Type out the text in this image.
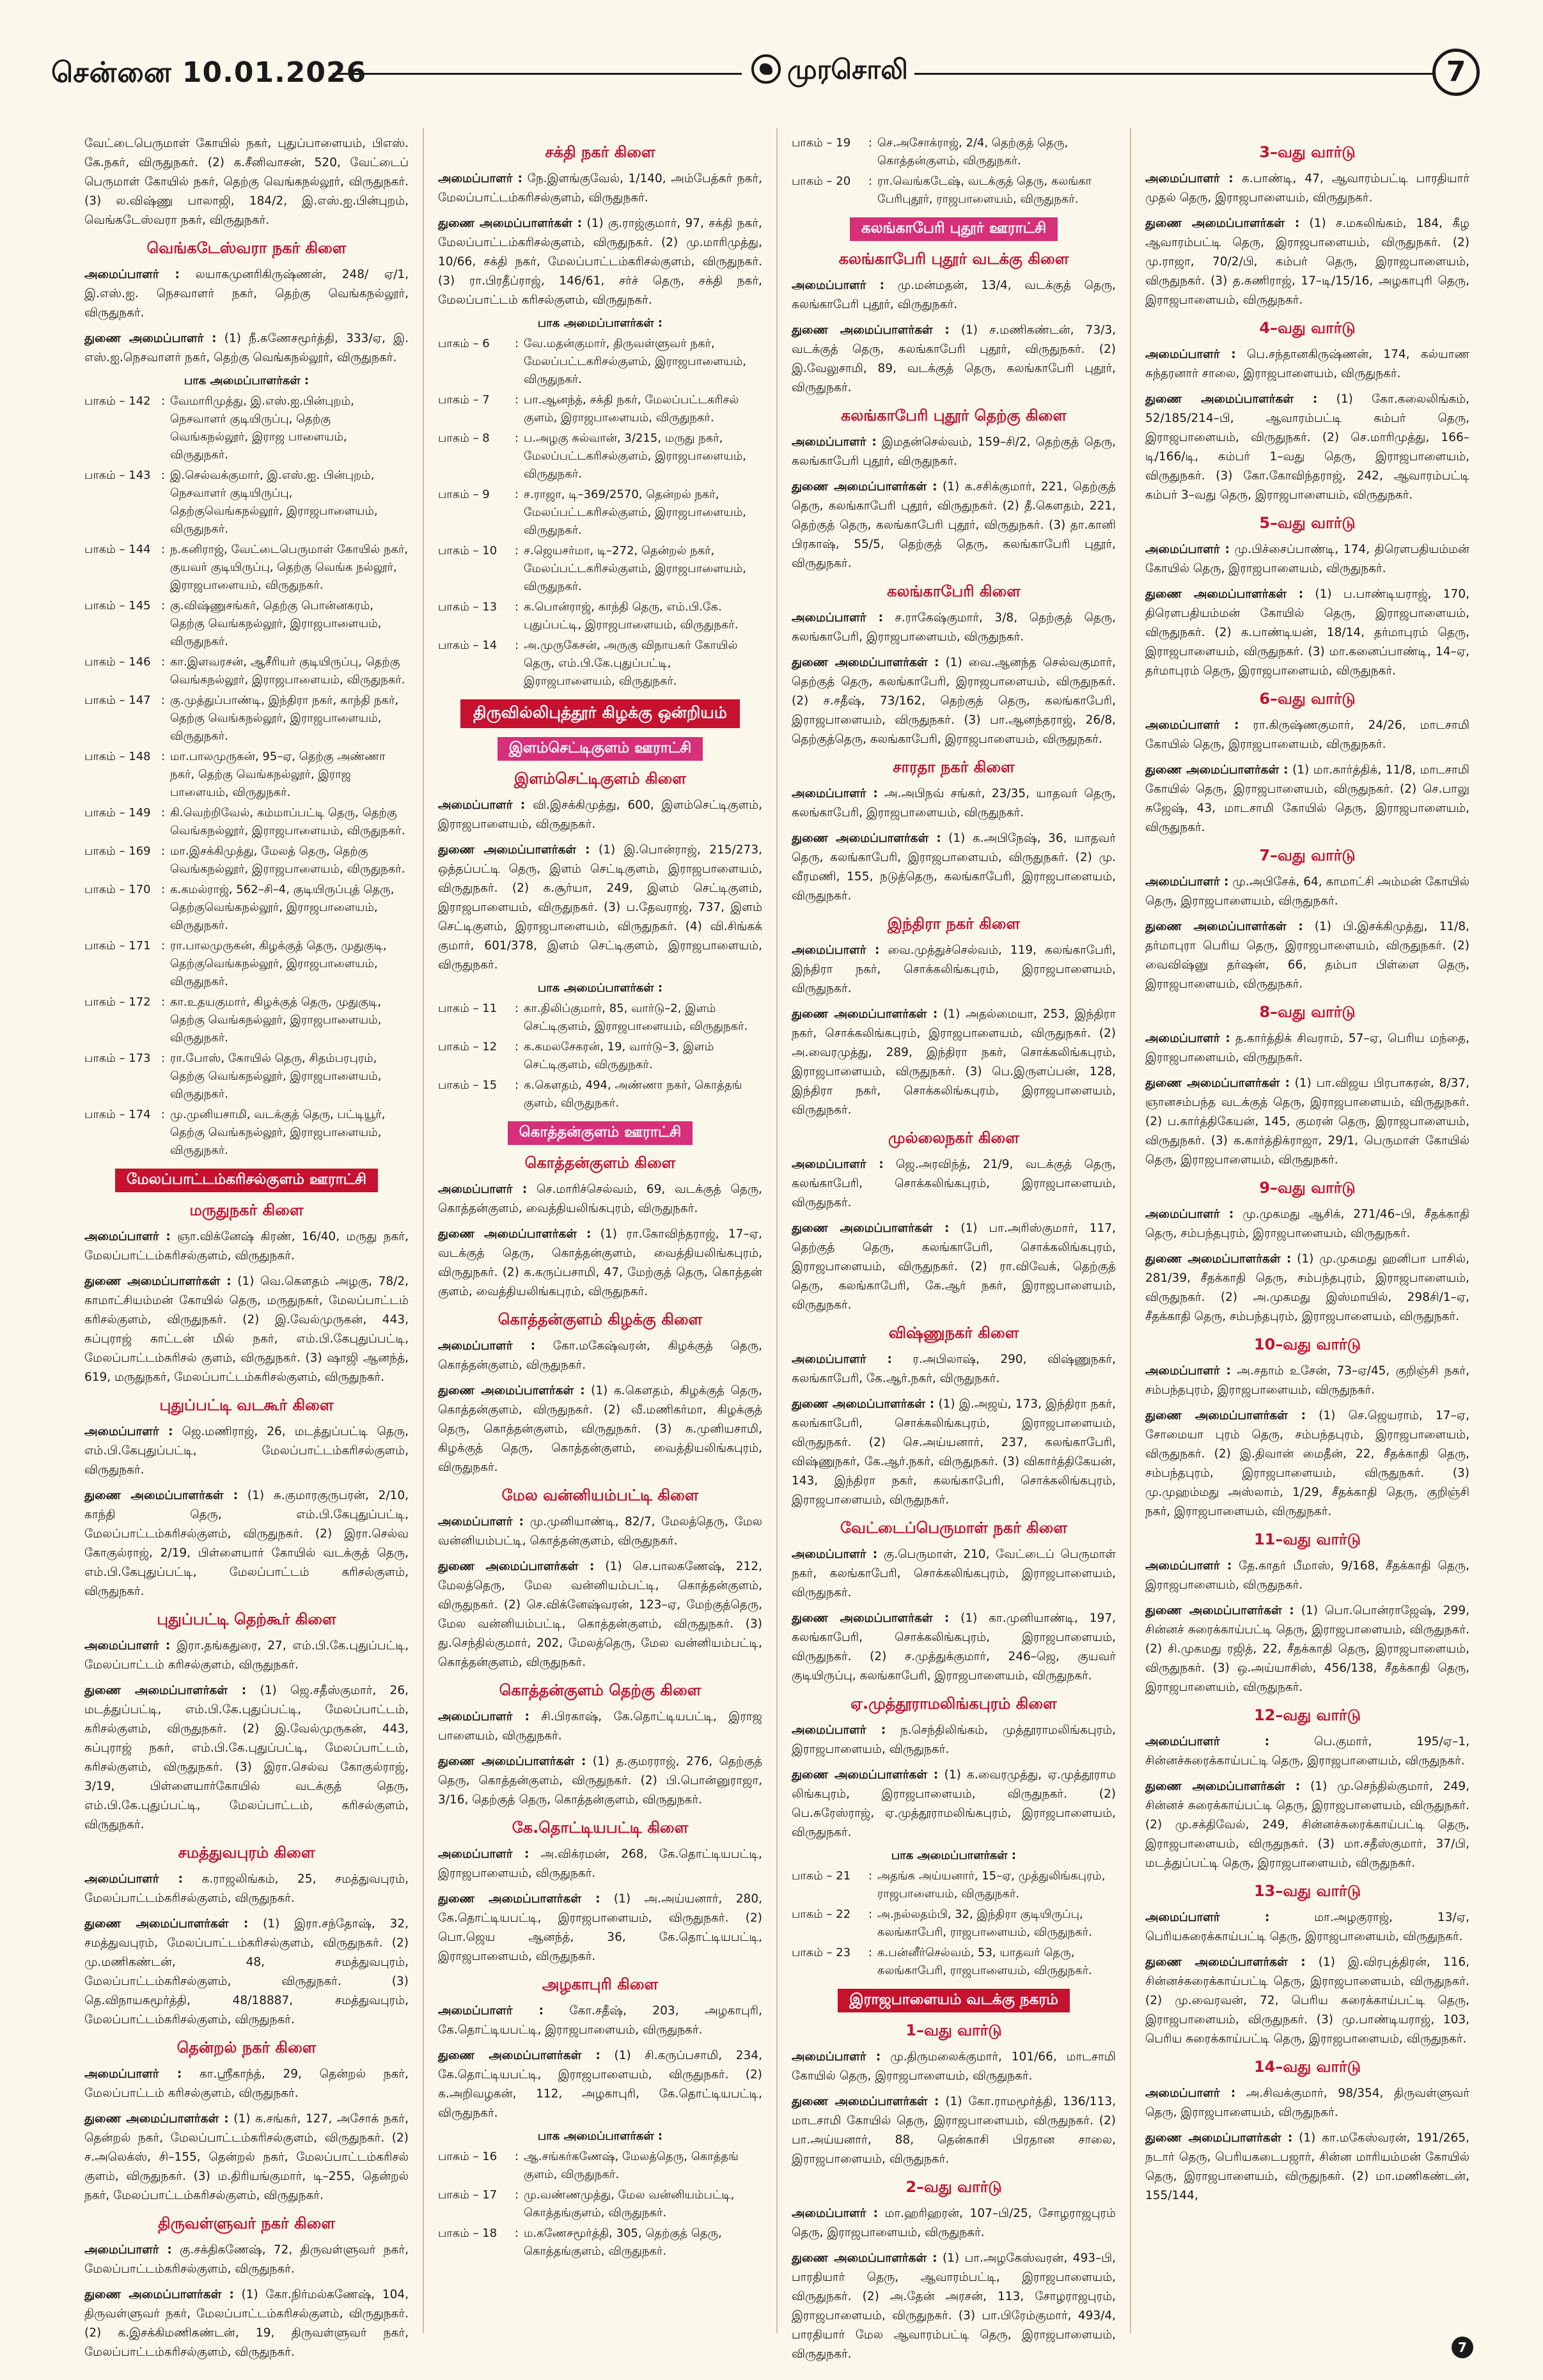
சென்னை 10.01.2026	முரசொலி	7

வேட்டைபெருமாள் கோயில் நகர், புதுப்பாளையம், பிஎஸ். கே.நகர், விருதுநகர். (2) க.சீனிவாசன், 520, வேட்டைப் பெருமாள் கோயில் நகர், தெற்கு வெங்கநல்லூர், விருதுநகர். (3) ல.விஷ்ணு பாலாஜி, 184/2, இ.எஸ்.ஐ.பின்புறம், வெங்கடேஸ்வரா நகர், விருதுநகர்.

வெங்கடேஸ்வரா நகர் கிளை

அமைப்பாளர் : லயாகமுனரிகிருஷ்ணன், 248/ ஏ/1, இ.எஸ்.ஐ. நெசவாளர் நகர், தெற்கு வெங்கநல்லூர், விருதுநகர்.

துணை அமைப்பாளர் : (1) நீ.கணேசமூர்த்தி, 333/ஏ, இ. எஸ்.ஐ.நெசவாளர் நகர், தெற்கு வெங்கநல்லூர், விருதுநகர்.

பாக அமைப்பாளர்கள் :
பாகம் – 142 : வேமாரிமுத்து, இ.எஸ்.ஐ.பின்புறம், நெசவாளர் குடியிருப்பு, தெற்கு வெங்கநல்லூர், இராஜ பாளையம், விருதுநகர்.
பாகம் – 143 : இ.செல்வக்குமார், இ.எஸ்.ஐ. பின்புறம், நெசவாளர் குடியிருப்பு, தெற்குவெங்கநல்லூர், இராஜபாளையம், விருதுநகர்.
பாகம் – 144 : ந.கனிராஜ், வேட்டைபெருமாள் கோயில் நகர், குயவர் குடியிருப்பு, தெற்கு வெங்க நல்லூர், இராஜபாளையம், விருதுநகர்.
பாகம் – 145 : கு.விஷ்ணுசங்கர், தெற்கு பொன்னகரம், தெற்கு வெங்கநல்லூர், இராஜபாளையம், விருதுநகர்.
பாகம் – 146 : கா.இளவரசன், ஆசீரியர் குடியிருப்பு, தெற்கு வெங்கநல்லூர், இராஜபாளையம், விருதுநகர்.
பாகம் – 147 : கு.முத்துப்பாண்டி, இந்திரா நகர், காந்தி நகர், தெற்கு வெங்கநல்லூர், இராஜபாளையம், விருதுநகர்.
பாகம் – 148 : மா.பாலமுருகன், 95–ஏ, தெற்கு அண்ணா நகர், தெற்கு வெங்கநல்லூர், இராஜ பாளையம், விருதுநகர்.
பாகம் – 149 : கி.வெற்றிவேல், கம்மாப்பட்டி தெரு, தெற்கு வெங்கநல்லூர், இராஜபாளையம், விருதுநகர்.
பாகம் – 169 : மா.இசக்கிமுத்து, மேலத் தெரு, தெற்கு வெங்கநல்லூர், இராஜபாளையம், விருதுநகர்.
பாகம் – 170 : க.கமல்ராஜ், 562–சி–4, குடியிருப்புத் தெரு, தெற்குவெங்கநல்லூர், இராஜபாளையம், விருதுநகர்.
பாகம் – 171 : ரா.பாலமுருகன், கிழக்குத் தெரு, முதுகுடி, தெற்குவெங்கநல்லூர், இராஜபாளையம், விருதுநகர்.
பாகம் – 172 : கா.உதயகுமார், கிழக்குத் தெரு, முதுகுடி, தெற்கு வெங்கநல்லூர், இராஜபாளையம், விருதுநகர்.
பாகம் – 173 : ரா.போஸ், கோயில் தெரு, சிதம்பரபுரம், தெற்கு வெங்கநல்லூர், இராஜபாளையம், விருதுநகர்.
பாகம் – 174 : மு.முனியசாமி, வடக்குத் தெரு, பட்டியூர், தெற்கு வெங்கநல்லூர், இராஜபாளையம், விருதுநகர்.
மேலப்பாட்டம்கரிசல்குளம் ஊராட்சி
மருதுநகர் கிளை

அமைப்பாளர் : ஞா.விக்னேஷ் கிரண், 16/40, மருது நகர், மேலப்பாட்டம்கரிசல்குளம், விருதுநகர்.

துணை அமைப்பாளர்கள் : (1) வெ.கௌதம் அழகு, 78/2, காமாட்சியம்மன் கோயில் தெரு, மருதுநகர், மேலப்பாட்டம் கரிசல்குளம், விருதுநகர். (2) இ.வேல்முருகன், 443, கப்புராஜ் காட்டன் மில் நகர், எம்.பி.கேபுதுப்பட்டி, மேலப்பாட்டம்கரிசல் குளம், விருதுநகர். (3) ஷாஜி ஆனந்த், 619, மருதுநகர், மேலப்பாட்டம்கரிசல்குளம், விருதுநகர்.

புதுப்பட்டி வடகூர் கிளை

அமைப்பாளர் : ஜெ.மணிராஜ், 26, மடத்துப்பட்டி தெரு, எம்.பி.கேபுதுப்பட்டி, மேலப்பாட்டம்கரிசல்குளம், விருதுநகர்.

துணை அமைப்பாளர்கள் : (1) சு.குமாரகுருபரன், 2/10, காந்தி தெரு, எம்.பி.கேபுதுப்பட்டி, மேலப்பாட்டம்கரிசல்குளம், விருதுநகர். (2) இரா.செல்வ கோகுல்ராஜ், 2/19, பிள்ளையார் கோயில் வடக்குத் தெரு, எம்.பி.கேபுதுப்பட்டி, மேலப்பாட்டம் கரிசல்குளம், விருதுநகர்.

புதுப்பட்டி தெற்கூர் கிளை

அமைப்பாளர் : இரா.தங்கதுரை, 27, எம்.பி.கே.புதுப்பட்டி, மேலப்பாட்டம் கரிசல்குளம், விருதுநகர்.

துணை அமைப்பாளர்கள் : (1) ஜெ.சதீஸ்குமார், 26, மடத்துப்பட்டி, எம்.பி.கே.புதுப்பட்டி, மேலப்பாட்டம், கரிசல்குளம், விருதுநகர். (2) இ.வேல்முருகன், 443, கப்புராஜ் நகர், எம்.பி.கே.புதுப்பட்டி, மேலப்பாட்டம், கரிசல்குளம், விருதுநகர். (3) இரா.செல்வ கோகுல்ராஜ், 3/19, பிள்ளையார்கோயில் வடக்குத் தெரு, எம்.பி.கே.புதுப்பட்டி, மேலப்பாட்டம், கரிசல்குளம், விருதுநகர்.

சமத்துவபுரம் கிளை

அமைப்பாளர் : க.ராஜலிங்கம், 25, சமத்துவபுரம், மேலப்பாட்டம்கரிசல்குளம், விருதுநகர்.

துணை அமைப்பாளர்கள் : (1) இரா.சந்தோஷ், 32, சமத்துவபுரம், மேலப்பாட்டம்கரிசல்குளம், விருதுநகர். (2) மு.மணிகண்டன், 48, சமத்துவபுரம், மேலப்பாட்டம்கரிசல்குளம், விருதுநகர். (3) தெ.விநாயகமூர்த்தி, 48/18887, சமத்துவபுரம், மேலப்பாட்டம்கரிசல்குளம், விருதுநகர்.

தென்றல் நகர் கிளை

அமைப்பாளர் : கா.ஸ்ரீகாந்த், 29, தென்றல் நகர், மேலப்பாட்டம் கரிசல்குளம், விருதுநகர்.

துணை அமைப்பாளர்கள் : (1) க.சங்கர், 127, அசோக் நகர், தென்றல் நகர், மேலப்பாட்டம்கரிசல்குளம், விருதுநகர். (2) ச.அலெக்ஸ், சி–155, தென்றல் நகர், மேலப்பாட்டம்கரிசல் குளம், விருதுநகர். (3) ம.திரியங்குமார், டி–255, தென்றல் நகர், மேலப்பாட்டம்கரிசல்குளம், விருதுநகர்.

திருவள்ளுவர் நகர் கிளை

அமைப்பாளர் : கு.சக்திகணேஷ், 72, திருவள்ளுவர் நகர், மேலப்பாட்டம்கரிசல்குளம், விருதுநகர்.

துணை அமைப்பாளர்கள் : (1) கோ.நிர்மல்கணேஷ், 104, திருவள்ளுவர் நகர், மேலப்பாட்டம்கரிசல்குளம், விருதுநகர். (2) க.இசக்கிமணிகண்டன், 19, திருவள்ளுவர் நகர், மேலப்பாட்டம்கரிசல்குளம், விருதுநகர்.

சக்தி நகர் கிளை

அமைப்பாளர் : நே.இளங்குவேல், 1/140, அம்பேத்கர் நகர், மேலப்பாட்டம்கரிசல்குளம், விருதுநகர்.

துணை அமைப்பாளர்கள் : (1) கு.ராஜ்குமார், 97, சக்தி நகர், மேலப்பாட்டம்கரிசல்குளம், விருதுநகர். (2) மு.மாரிமுத்து, 10/66, சக்தி நகர், மேலப்பாட்டம்கரிசல்குளம், விருதுநகர். (3) ரா.பிரதீப்ராஜ், 146/61, சர்ச் தெரு, சக்தி நகர், மேலப்பாட்டம் கரிசல்குளம், விருதுநகர்.

பாக அமைப்பாளர்கள் :
பாகம் – 6	: வே.மதன்குமார், திருவள்ளுவர் நகர், மேலப்பட்டகரிசல்குளம், இராஜபாளையம், விருதுநகர்.
பாகம் – 7	: பா.ஆனந்த், சக்தி நகர், மேலப்பட்டகரிசல் குளம், இராஜபாளையம், விருதுநகர்.
பாகம் – 8	: ப.அழகு சுல்வான், 3/215, மருது நகர், மேலப்பட்டகரிசல்குளம், இராஜபாளையம், விருதுநகர்.
பாகம் – 9	: ச.ராஜா, டி–369/2570, தென்றல் நகர், மேலப்பட்டகரிசல்குளம், இராஜபாளையம், விருதுநகர்.
பாகம் – 10	: ச.ஜெயசர்மா, டி–272, தென்றல் நகர், மேலப்பட்டகரிசல்குளம், இராஜபாளையம், விருதுநகர்.
பாகம் – 13	: க.பொன்ராஜ், காந்தி தெரு, எம்.பி.கே. புதுப்பட்டி, இராஜபாளையம், விருதுநகர்.
பாகம் – 14	: அ.முருகேசன், அருகு விநாயகர் கோயில் தெரு, எம்.பி.கே.புதுப்பட்டி, இராஜபாளையம், விருதுநகர்.
திருவில்லிபுத்தூர் கிழக்கு ஒன்றியம்
இளம்செட்டிகுளம் ஊராட்சி
இளம்செட்டிகுளம் கிளை

அமைப்பாளர் : வி.இசக்கிமுத்து, 600, இளம்செட்டிகுளம், இராஜபாளையம், விருதுநகர்.

துணை அமைப்பாளர்கள் : (1) இ.பொன்ராஜ், 215/273, ஒத்தப்பட்டி தெரு, இளம் செட்டிகுளம், இராஜபாளையம், விருதுநகர். (2) க.சூர்யா, 249, இளம் செட்டிகுளம், இராஜபாளையம், விருதுநகர். (3) ப.தேவராஜ், 737, இளம் செட்டிகுளம், இராஜபாளையம், விருதுநகர். (4) வி.சிங்கக் குமார், 601/378, இளம் செட்டிகுளம், இராஜபாளையம், விருதுநகர்.

பாக அமைப்பாளர்கள் :
பாகம் – 11	: கா.திலிப்குமார், 85, வார்டு–2, இளம் செட்டிகுளம், இராஜபாளையம், விருதுநகர்.
பாகம் – 12	: க.கமலசேகரன், 19, வார்டு–3, இளம் செட்டிகுளம், விருதுநகர்.
பாகம் – 15	: க.கௌதம், 494, அண்ணா நகர், கொத்தங் குளம், விருதுநகர்.
கொத்தன்குளம் ஊராட்சி
கொத்தன்குளம் கிளை

அமைப்பாளர் : செ.மாரிச்செல்வம், 69, வடக்குத் தெரு, கொத்தன்குளம், வைத்தியலிங்கபுரம், விருதுநகர்.

துணை அமைப்பாளர்கள் : (1) ரா.கோவிந்தராஜ், 17–ஏ, வடக்குத் தெரு, கொத்தன்குளம், வைத்தியலிங்கபுரம், விருதுநகர். (2) க.கருப்பசாமி, 47, மேற்குத் தெரு, கொத்தன் குளம், வைத்தியலிங்கபுரம், விருதுநகர்.

கொத்தன்குளம் கிழக்கு கிளை

அமைப்பாளர் : கோ.மகேஷ்வரன், கிழக்குத் தெரு, கொத்தன்குளம், விருதுநகர்.

துணை அமைப்பாளர்கள் : (1) க.கௌதம், கிழக்குத் தெரு, கொத்தன்குளம், விருதுநகர். (2) வீ.மணிகர்மா, கிழக்குத் தெரு, கொத்தன்குளம், விருதுநகர். (3) க.முனியசாமி, கிழக்குத் தெரு, கொத்தன்குளம், வைத்தியலிங்கபுரம், விருதுநகர்.

மேல வன்னியம்பட்டி கிளை

அமைப்பாளர் : மு.முனியாண்டி, 82/7, மேலத்தெரு, மேல வன்னியம்பட்டி, கொத்தன்குளம், விருதுநகர்.

துணை அமைப்பாளர்கள் : (1) செ.பாலகணேஷ், 212, மேலத்தெரு, மேல வன்னியம்பட்டி, கொத்தன்குளம், விருதுநகர். (2) செ.விக்னேஷ்வரன், 123–ஏ, மேற்குத்தெரு, மேல வன்னியம்பட்டி, கொத்தன்குளம், விருதுநகர். (3) து.செந்தில்குமார், 202, மேலத்தெரு, மேல வன்னியம்பட்டி, கொத்தன்குளம், விருதுநகர்.

கொத்தன்குளம் தெற்கு கிளை

அமைப்பாளர் : சி.பிரகாஷ், கே.தொட்டியபட்டி, இராஜ பாளையம், விருதுநகர்.

துணை அமைப்பாளர்கள் : (1) த.குமரராஜ், 276, தெற்குத் தெரு, கொத்தன்குளம், விருதுநகர். (2) பி.பொன்னுராஜா, 3/16, தெற்குத் தெரு, கொத்தன்குளம், விருதுநகர்.

கே.தொட்டியபட்டி கிளை

அமைப்பாளர் : அ.விக்ரமன், 268, கே.தொட்டியபட்டி, இராஜபாளையம், விருதுநகர்.

துணை அமைப்பாளர்கள் : (1) அ.அய்யனார், 280, கே.தொட்டியபட்டி, இராஜபாளையம், விருதுநகர். (2) பொ.ஜெய ஆனந்த், 36, கே.தொட்டியபட்டி, இராஜபாளையம், விருதுநகர்.

அழகாபுரி கிளை

அமைப்பாளர் : கோ.சதீஷ், 203, அழகாபுரி, கே.தொட்டியபட்டி, இராஜபாளையம், விருதுநகர்.

துணை அமைப்பாளர்கள் : (1) சி.கருப்பசாமி, 234, கே.தொட்டியபட்டி, இராஜபாளையம், விருதுநகர். (2) க.அறிவழகன், 112, அழகாபுரி, கே.தொட்டியபட்டி, விருதுநகர்.

பாக அமைப்பாளர்கள் :
பாகம் – 16	: ஆ.சங்கர்கணேஷ், மேலத்தெரு, கொத்தங் குளம், விருதுநகர்.
பாகம் – 17	: மு.வண்ணமுத்து, மேல வன்னியம்பட்டி, கொத்தங்குளம், விருதுநகர்.
பாகம் – 18	: ம.கணேசமூர்த்தி, 305, தெற்குத் தெரு, கொத்தங்குளம், விருதுநகர்.
பாகம் – 19	: செ.அசோக்ராஜ், 2/4, தெற்குத் தெரு, கொத்தன்குளம், விருதுநகர்.
பாகம் – 20	: ரா.வெங்கடேஷ், வடக்குத் தெரு, கலங்கா பேரிபுதூர், ராஜபாளையம், விருதுநகர்.
கலங்காபேரி புதூர் ஊராட்சி
கலங்காபேரி புதூர் வடக்கு கிளை

அமைப்பாளர் : மு.மன்மதன், 13/4, வடக்குத் தெரு, கலங்காபேரி புதூர், விருதுநகர்.

துணை அமைப்பாளர்கள் : (1) ச.மணிகண்டன், 73/3, வடக்குத் தெரு, கலங்காபேரி புதூர், விருதுநகர். (2) இ.வேலுசாமி, 89, வடக்குத் தெரு, கலங்காபேரி புதூர், விருதுநகர்.

கலங்காபேரி புதூர் தெற்கு கிளை

அமைப்பாளர் : இமதன்செல்வம், 159–சி/2, தெற்குத் தெரு, கலங்காபேரி புதூர், விருதுநகர்.

துணை அமைப்பாளர்கள் : (1) க.சசிக்குமார், 221, தெற்குத் தெரு, கலங்காபேரி புதூர், விருதுநகர். (2) தீ.கௌதம், 221, தெற்குத் தெரு, கலங்காபேரி புதூர், விருதுநகர். (3) தா.கானி பிரகாஷ், 55/5, தெற்குத் தெரு, கலங்காபேரி புதூர், விருதுநகர்.

கலங்காபேரி கிளை

அமைப்பாளர் : ச.ராகேஷ்குமார், 3/8, தெற்குத் தெரு, கலங்காபேரி, இராஜபாளையம், விருதுநகர்.

துணை அமைப்பாளர்கள் : (1) வை.ஆனந்த செல்வகுமார், தெற்குத் தெரு, கலங்காபேரி, இராஜபாளையம், விருதுநகர். (2) ச.சதீஷ், 73/162, தெற்குத் தெரு, கலங்காபேரி, இராஜபாளையம், விருதுநகர். (3) பா.ஆனந்தராஜ், 26/8, தெற்குத்தெரு, கலங்காபேரி, இராஜபாளையம், விருதுநகர்.

சாரதா நகர் கிளை

அமைப்பாளர் : அ.அபிநவ் சங்கர், 23/35, யாதவர் தெரு, கலங்காபேரி, இராஜபாளையம், விருதுநகர்.

துணை அமைப்பாளர்கள் : (1) க.அபிநேஷ், 36, யாதவர் தெரு, கலங்காபேரி, இராஜபாளையம், விருதுநகர். (2) மு. வீரமணி, 155, நடுத்தெரு, கலங்காபேரி, இராஜபாளையம், விருதுநகர்.

இந்திரா நகர் கிளை

அமைப்பாளர் : வை.முத்துச்செல்வம், 119, கலங்காபேரி, இந்திரா நகர், சொக்கலிங்கபுரம், இராஜபாளையம், விருதுநகர்.

துணை அமைப்பாளர்கள் : (1) அதல்மையா, 253, இந்திரா நகர், சொக்கலிங்கபுரம், இராஜபாளையம், விருதுநகர். (2) அ.வைரமுத்து, 289, இந்திரா நகர், சொக்கலிங்கபுரம், இராஜபாளையம், விருதுநகர். (3) பெ.இருளப்பன், 128, இந்திரா நகர், சொக்கலிங்கபுரம், இராஜபாளையம், விருதுநகர்.

முல்லைநகர் கிளை

அமைப்பாளர் : ஜெ.அரவிந்த், 21/9, வடக்குத் தெரு, கலங்காபேரி, சொக்கலிங்கபுரம், இராஜபாளையம், விருதுநகர்.

துணை அமைப்பாளர்கள் : (1) பா.அரிஸ்குமார், 117, தெற்குத் தெரு, கலங்காபேரி, சொக்கலிங்கபுரம், இராஜபாளையம், விருதுநகர். (2) ரா.விவேக், தெற்குத் தெரு, கலங்காபேரி, கே.ஆர் நகர், இராஜபாளையம், விருதுநகர்.

விஷ்ணுநகர் கிளை

அமைப்பாளர் : ர.அபிலாஷ், 290, விஷ்ணுநகர், கலங்காபேரி, கே.ஆர்.நகர், விருதுநகர்.

துணை அமைப்பாளர்கள் : (1) இ.அஜய், 173, இந்திரா நகர், கலங்காபேரி, சொக்கலிங்கபுரம், இராஜபாளையம், விருதுநகர். (2) செ.அய்யனார், 237, கலங்காபேரி, விஷ்ணுநகர், கே.ஆர்.நகர், விருதுநகர். (3) விகார்த்திகேயன், 143, இந்திரா நகர், கலங்காபேரி, சொக்கலிங்கபுரம், இராஜபாளையம், விருதுநகர்.

வேட்டைப்பெருமாள் நகர் கிளை

அமைப்பாளர் : கு.பெருமாள், 210, வேட்டைப் பெருமாள் நகர், கலங்காபேரி, சொக்கலிங்கபுரம், இராஜபாளையம், விருதுநகர்.

துணை அமைப்பாளர்கள் : (1) கா.முனியாண்டி, 197, கலங்காபேரி, சொக்கலிங்கபுரம், இராஜபாளையம், விருதுநகர். (2) ச.முத்துக்குமார், 246–ஜெ, குயவர் குடியிருப்பு, கலங்காபேரி, இராஜபாளையம், விருதுநகர்.

ஏ.முத்தூராமலிங்கபுரம் கிளை

அமைப்பாளர் : ந.செந்திலிங்கம், முத்தூராமலிங்கபுரம், இராஜபாளையம், விருதுநகர்.

துணை அமைப்பாளர்கள் : (1) க.வைரமுத்து, ஏ.முத்தூராம லிங்கபுரம், இராஜபாளையம், விருதுநகர். (2) பெ.சுரேஸ்ராஜ், ஏ.முத்தூராமலிங்கபுரம், இராஜபாளையம், விருதுநகர்.

பாக அமைப்பாளர்கள் :
பாகம் – 21	: அதங்க அய்யனார், 15–ஏ, முத்துலிங்கபுரம், ராஜபாளையம், விருதுநகர்.
பாகம் – 22	: அ.நல்லதம்பி, 32, இந்திரா குடியிருப்பு, கலங்காபேரி, ராஜபாளையம், விருதுநகர்.
பாகம் – 23	: க.பன்னீர்செல்வம், 53, யாதவர் தெரு, கலங்காபேரி, ராஜபாளையம், விருதுநகர்.
இராஜபாளையம் வடக்கு நகரம்
1–வது வார்டு

அமைப்பாளர் : மு.திருமலைக்குமார், 101/66, மாடசாமி கோயில் தெரு, இராஜபாளையம், விருதுநகர்.

துணை அமைப்பாளர்கள் : (1) கோ.ராமமூர்த்தி, 136/113, மாடசாமி கோயில் தெரு, இராஜபாளையம், விருதுநகர். (2) பா.அய்யனார், 88, தென்காசி பிரதான சாலை, இராஜபாளையம், விருதுநகர்.

2–வது வார்டு

அமைப்பாளர் : மா.ஹரிஹரன், 107–பி/25, சோழராஜபுரம் தெரு, இராஜபாளையம், விருதுநகர்.

துணை அமைப்பாளர்கள் : (1) பா.அழகேஸ்வரன், 493–பி, பாரதியார் தெரு, ஆவாரம்பட்டி, இராஜபாளையம், விருதுநகர். (2) அ.தேன் அரசன், 113, சோழராஜபுரம், இராஜபாளையம், விருதுநகர். (3) பா.பிரேம்குமார், 493/4, பாரதியார் மேல ஆவாரம்பட்டி தெரு, இராஜபாளையம், விருதுநகர்.

3–வது வார்டு

அமைப்பாளர் : க.பாண்டி, 47, ஆவாரம்பட்டி பாரதியார் முதல் தெரு, இராஜபாளையம், விருதுநகர்.

துணை அமைப்பாளர்கள் : (1) ச.மகலிங்கம், 184, கீழ ஆவாரம்பட்டி தெரு, இராஜபாளையம், விருதுநகர். (2) மு.ராஜா, 70/2/பி, கம்பர் தெரு, இராஜபாளையம், விருதுநகர். (3) த.கணிராஜ், 17–டி/15/16, அழகாபுரி தெரு, இராஜபாளையம், விருதுநகர்.

4–வது வார்டு

அமைப்பாளர் : பெ.சந்தானகிருஷ்ணன், 174, கல்யாண சுந்தரனார் சாலை, இராஜபாளையம், விருதுநகர்.

துணை அமைப்பாளர்கள் : (1) கோ.கலைலிங்கம், 52/185/214–பி, ஆவாரம்பட்டி கம்பர் தெரு, இராஜபாளையம், விருதுநகர். (2) செ.மாரிமுத்து, 166–டி/166/டி, கம்பர் 1–வது தெரு, இராஜபாளையம், விருதுநகர். (3) கோ.கோவிந்தராஜ், 242, ஆவாரம்பட்டி கம்பர் 3–வது தெரு, இராஜபாளையம், விருதுநகர்.

5–வது வார்டு

அமைப்பாளர் : மு.பிச்சைப்பாண்டி, 174, திரௌபதியம்மன் கோயில் தெரு, இராஜபாளையம், விருதுநகர்.

துணை அமைப்பாளர்கள் : (1) ப.பாண்டியராஜ், 170, திரௌபதியம்மன் கோயில் தெரு, இராஜபாளையம், விருதுநகர். (2) க.பாண்டியன், 18/14, தர்மாபுரம் தெரு, இராஜபாளையம், விருதுநகர். (3) மா.கனைப்பாண்டி, 14–ஏ, தர்மாபுரம் தெரு, இராஜபாளையம், விருதுநகர்.

6–வது வார்டு

அமைப்பாளர் : ரா.கிருஷ்ணகுமார், 24/26, மாடசாமி கோயில் தெரு, இராஜபாளையம், விருதுநகர்.

துணை அமைப்பாளர்கள் : (1) மா.கார்த்திக், 11/8, மாடசாமி கோயில் தெரு, இராஜபாளையம், விருதுநகர். (2) செ.பாலு கஜேஷ், 43, மாடசாமி கோயில் தெரு, இராஜபாளையம், விருதுநகர்.

7–வது வார்டு

அமைப்பாளர் : மு.அபிசேக், 64, காமாட்சி அம்மன் கோயில் தெரு, இராஜபாளையம், விருதுநகர்.

துணை அமைப்பாளர்கள் : (1) பி.இசக்கிமுத்து, 11/8, தர்மாபுரா பெரிய தெரு, இராஜபாளையம், விருதுநகர். (2) வைவிஷ்னு தர்ஷன், 66, தம்பா பிள்ளை தெரு, இராஜபாளையம், விருதுநகர்.

8–வது வார்டு

அமைப்பாளர் : த.கார்த்திக் சிவராம், 57–ஏ, பெரிய மந்தை, இராஜபாளையம், விருதுநகர்.

துணை அமைப்பாளர்கள் : (1) பா.விஜய பிரபாகரன், 8/37, ஞானசம்பந்த வடக்குத் தெரு, இராஜபாளையம், விருதுநகர். (2) ப.கார்த்திகேயன், 145, குமரன் தெரு, இராஜபாளையம், விருதுநகர். (3) க.கார்த்திக்ராஜா, 29/1, பெருமாள் கோயில் தெரு, இராஜபாளையம், விருதுநகர்.

9–வது வார்டு

அமைப்பாளர் : மு.முகமது ஆசிக், 271/46–பி, சீதக்காதி தெரு, சம்பந்தபுரம், இராஜபாளையம், விருதுநகர்.

துணை அமைப்பாளர்கள் : (1) மு.முகமது ஹனிபா பாசில், 281/39, சீதக்காதி தெரு, சம்பந்தபுரம், இராஜபாளையம், விருதுநகர். (2) அ.முகமது இஸ்மாயில், 298சி/1–ஏ, சீதக்காதி தெரு, சம்பந்தபுரம், இராஜபாளையம், விருதுநகர்.

10–வது வார்டு

அமைப்பாளர் : அ.சதாம் உசேன், 73–ஏ/45, குறிஞ்சி நகர், சம்பந்தபுரம், இராஜபாளையம், விருதுநகர்.

துணை அமைப்பாளர்கள் : (1) செ.ஜெயராம், 17–ஏ, சோமையா புரம் தெரு, சம்பந்தபுரம், இராஜபாளையம், விருதுநகர். (2) இ.திவான் மைதீன், 22, சீதக்காதி தெரு, சம்பந்தபுரம், இராஜபாளையம், விருதுநகர். (3) மு.முஹம்மது அஸ்லாம், 1/29, சீதக்காதி தெரு, குறிஞ்சி நகர், இராஜபாளையம், விருதுநகர்.

11–வது வார்டு

அமைப்பாளர் : தே.காதர் பீமாஸ், 9/168, சீதக்காதி தெரு, இராஜபாளையம், விருதுநகர்.

துணை அமைப்பாளர்கள் : (1) பொ.பொன்ராஜேஷ், 299, சின்னச் சுரைக்காய்பட்டி தெரு, இராஜபாளையம், விருதுநகர். (2) சி.முகமது ரஜித், 22, சீதக்காதி தெரு, இராஜபாளையம், விருதுநகர். (3) ஒ.அய்யாசிஸ், 456/138, சீதக்காதி தெரு, இராஜபாளையம், விருதுநகர்.

12–வது வார்டு

அமைப்பாளர் :	பெ.குமார், 195/ஏ–1, சின்னச்சுரைக்காய்பட்டி தெரு, இராஜபாளையம், விருதுநகர்.

துணை அமைப்பாளர்கள் : (1) மு.செந்தில்குமார், 249, சின்னச் சுரைக்காய்பட்டி தெரு, இராஜபாளையம், விருதுநகர். (2) மு.சக்திவேல், 249, சின்னச்சுரைக்காய்பட்டி தெரு, இராஜபாளையம், விருதுநகர். (3) மா.சதீஸ்குமார், 37/பி, மடத்துப்பட்டி தெரு, இராஜபாளையம், விருதுநகர்.

13–வது வார்டு

அமைப்பாளர் :	மா.அழகுராஜ், 13/ஏ, பெரியசுரைக்காய்பட்டி தெரு, இராஜபாளையம், விருதுநகர்.

துணை அமைப்பாளர்கள் : (1) இ.விரபுத்திரன், 116, சின்னச்சுரைக்காய்பட்டி தெரு, இராஜபாளையம், விருதுநகர். (2) மு.வைரவன், 72, பெரிய சுரைக்காய்பட்டி தெரு, இராஜபாளையம், விருதுநகர். (3) மு.பாண்டியராஜ், 103, பெரிய சுரைக்காய்பட்டி தெரு, இராஜபாளையம், விருதுநகர்.

14–வது வார்டு

அமைப்பாளர் : அ.சிவக்குமார், 98/354, திருவள்ளுவர் தெரு, இராஜபாளையம், விருதுநகர்.

துணை அமைப்பாளர்கள் : (1) கா.மகேஸ்வரன், 191/265, நடார் தெரு, பெரியகடைபஜார், சின்ன மாரியம்மன் கோயில் தெரு, இராஜபாளையம், விருதுநகர். (2) மா.மணிகண்டன், 155/144,

7
